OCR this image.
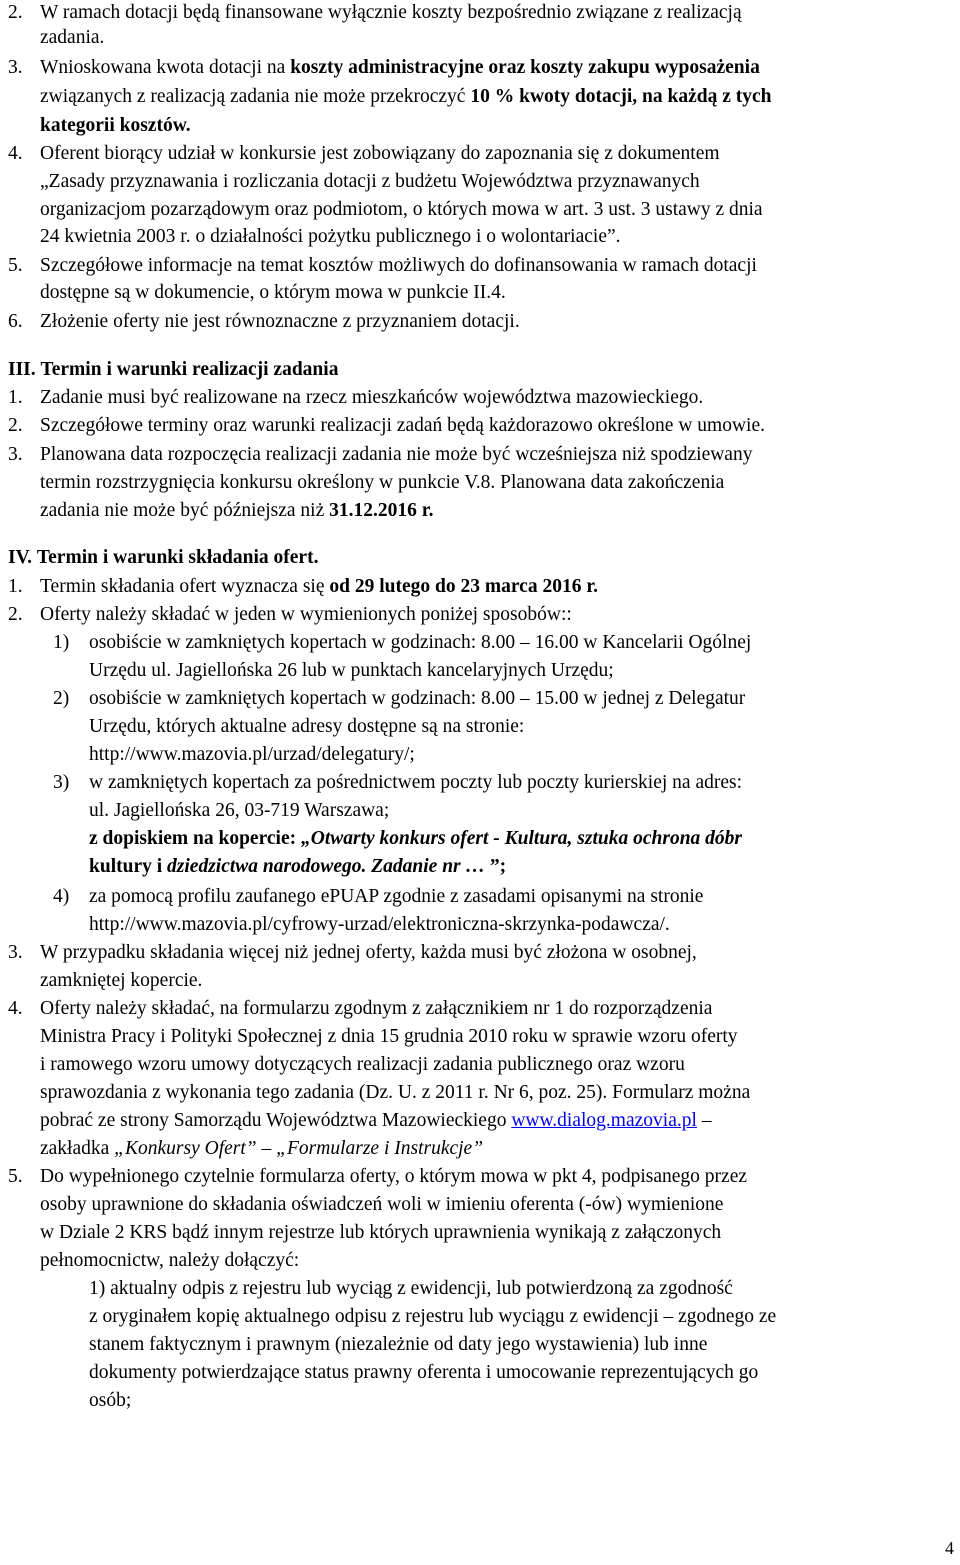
2. W ramach dotacji będą finansowane wyłącznie koszty bezpośrednio związane z realizacją
zadania.
3. Wnioskowana kwota dotacji na koszty administracyjne oraz koszty zakupu wyposażenia
związanych z realizacją zadania nie może przekroczyć 10 % kwoty dotacji, na każdą z tych
kategorii kosztów.
4. Oferent biorący udział w konkursie jest zobowiązany do zapoznania się z dokumentem
„Zasady przyznawania i rozliczania dotacji z budżetu Województwa przyznawanych
organizacjom pozarządowym oraz podmiotom, o których mowa w art. 3 ust. 3 ustawy z dnia
24 kwietnia 2003 r. o działalności pożytku publicznego i o wolontariacie”.
5. Szczegółowe informacje na temat kosztów możliwych do dofinansowania w ramach dotacji
dostępne są w dokumencie, o którym mowa w punkcie II.4.
6. Złożenie oferty nie jest równoznaczne z przyznaniem dotacji.
III. Termin i warunki realizacji zadania
1. Zadanie musi być realizowane na rzecz mieszkańców województwa mazowieckiego.
2. Szczegółowe terminy oraz warunki realizacji zadań będą każdorazowo określone w umowie.
3. Planowana data rozpoczęcia realizacji zadania nie może być wcześniejsza niż spodziewany
termin rozstrzygnięcia konkursu określony w punkcie V.8. Planowana data zakończenia
zadania nie może być późniejsza niż 31.12.2016 r.
IV. Termin i warunki składania ofert.
1. Termin składania ofert wyznacza się od 29 lutego do 23 marca 2016 r.
2. Oferty należy składać w jeden w wymienionych poniżej sposobów::
1) osobiście w zamkniętych kopertach w godzinach: 8.00 – 16.00 w Kancelarii Ogólnej
Urzędu ul. Jagiellońska 26 lub w punktach kancelaryjnych Urzędu;
2) osobiście w zamkniętych kopertach w godzinach: 8.00 – 15.00 w jednej z Delegatur
Urzędu, których aktualne adresy dostępne są na stronie:
http://www.mazovia.pl/urzad/delegatury/;
3) w zamkniętych kopertach za pośrednictwem poczty lub poczty kurierskiej na adres:
ul. Jagiellońska 26, 03-719 Warszawa;
z dopiskiem na kopercie: „Otwarty konkurs ofert - Kultura, sztuka ochrona dóbr
kultury i dziedzictwa narodowego. Zadanie nr … ”;
4) za pomocą profilu zaufanego ePUAP zgodnie z zasadami opisanymi na stronie
http://www.mazovia.pl/cyfrowy-urzad/elektroniczna-skrzynka-podawcza/.
3. W przypadku składania więcej niż jednej oferty, każda musi być złożona w osobnej,
zamkniętej kopercie.
4. Oferty należy składać, na formularzu zgodnym z załącznikiem nr 1 do rozporządzenia
Ministra Pracy i Polityki Społecznej z dnia 15 grudnia 2010 roku w sprawie wzoru oferty
i ramowego wzoru umowy dotyczących realizacji zadania publicznego oraz wzoru
sprawozdania z wykonania tego zadania (Dz. U. z 2011 r. Nr 6, poz. 25). Formularz można
pobrać ze strony Samorządu Województwa Mazowieckiego www.dialog.mazovia.pl –
zakładka „Konkursy Ofert” – „Formularze i Instrukcje”
5. Do wypełnionego czytelnie formularza oferty, o którym mowa w pkt 4, podpisanego przez
osoby uprawnione do składania oświadczeń woli w imieniu oferenta (-ów) wymienione
w Dziale 2 KRS bądź innym rejestrze lub których uprawnienia wynikają z załączonych
pełnomocnictw, należy dołączyć:
1) aktualny odpis z rejestru lub wyciąg z ewidencji, lub potwierdzoną za zgodność
z oryginałem kopię aktualnego odpisu z rejestru lub wyciągu z ewidencji – zgodnego ze
stanem faktycznym i prawnym (niezależnie od daty jego wystawienia) lub inne
dokumenty potwierdzające status prawny oferenta i umocowanie reprezentujących go
osób;
4
